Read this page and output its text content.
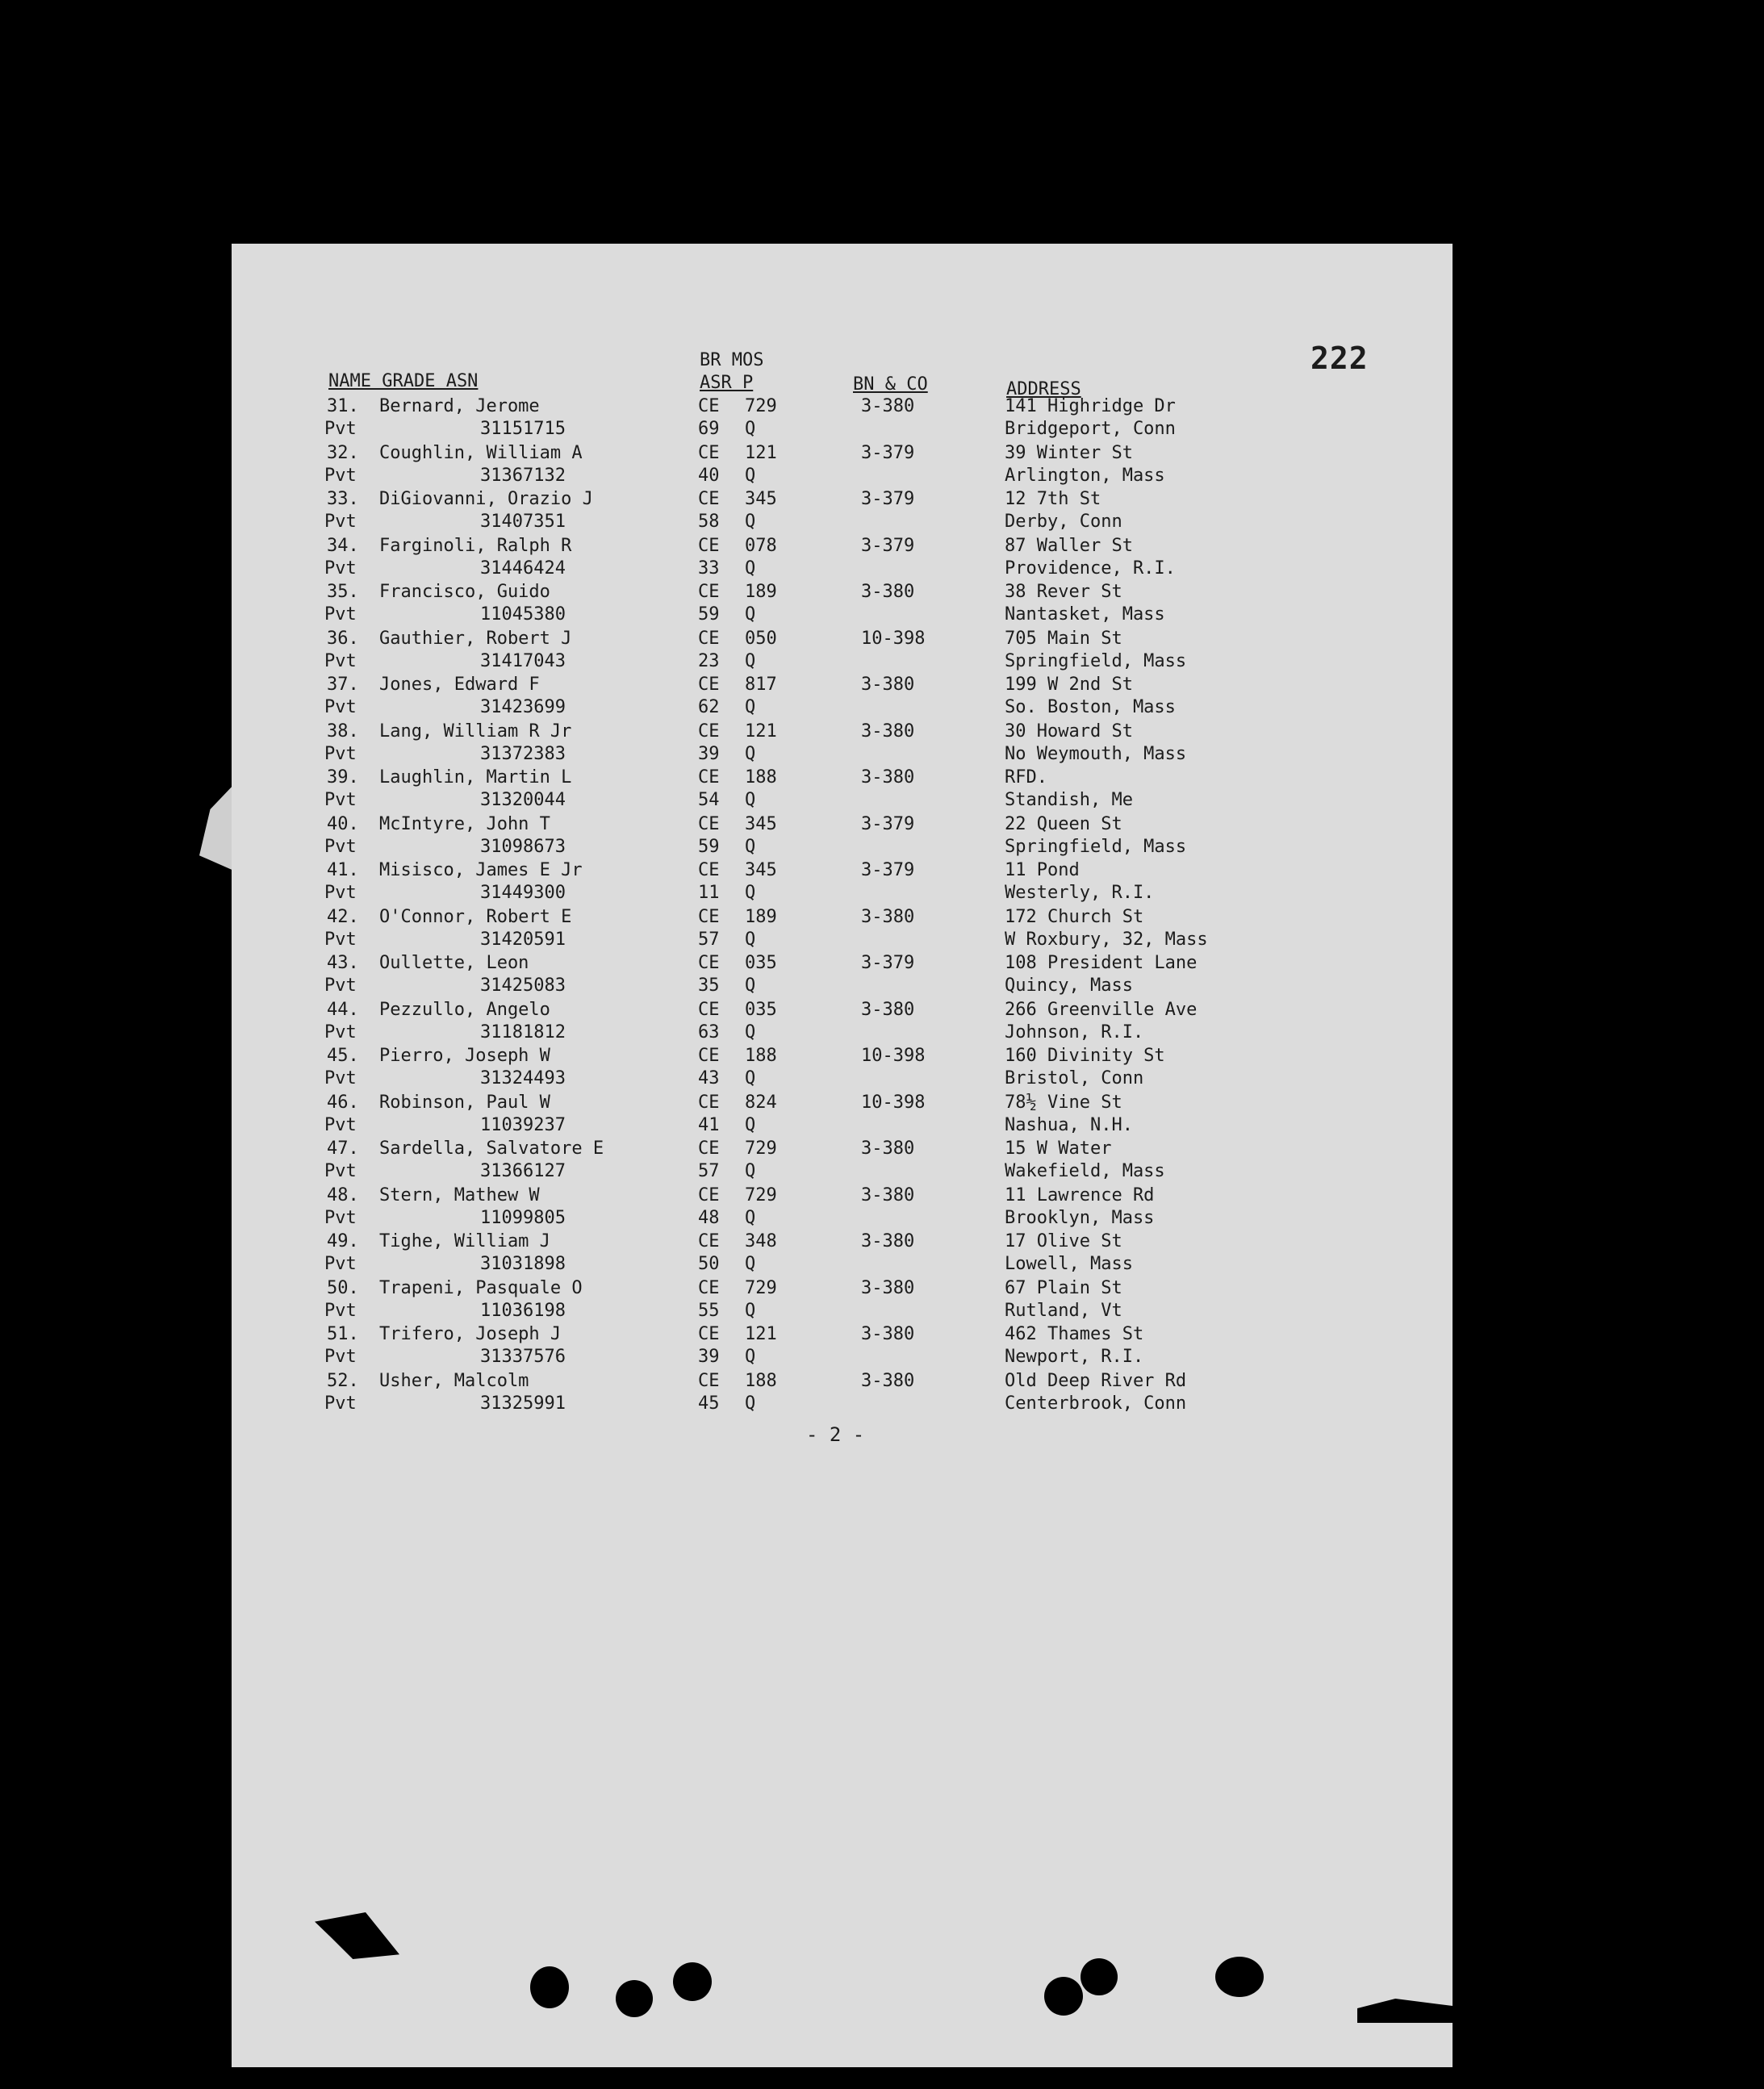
222
NAME GRADE ASN
BR MOS
ASR P	BN & CO	ADDRESS
31. Bernard, Jerome	CE 729	3-380	141 Highridge Dr
Pvt	31151715	69 Q	Bridgeport, Conn
32. Coughlin, William A	CE 121	3-379	39 Winter St
Pvt	31367132	40 Q	Arlington, Mass
33. DiGiovanni, Orazio J	CE 345	3-379	12 7th St
Pvt	31407351	58 Q	Derby, Conn
34. Farginoli, Ralph R	CE 078	3-379	87 Waller St
Pvt	31446424	33 Q	Providence, R.I.
35. Francisco, Guido	CE 189	3-380	38 Rever St
Pvt	11045380	59 Q	Nantasket, Mass
36. Gauthier, Robert J	CE 050	10-398	705 Main St
Pvt	31417043	23 Q	Springfield, Mass
37. Jones, Edward F	CE 817	3-380	199 W 2nd St
Pvt	31423699	62 Q	So. Boston, Mass
38. Lang, William R Jr	CE 121	3-380	30 Howard St
Pvt	31372383	39 Q	No Weymouth, Mass
39. Laughlin, Martin L	CE 188	3-380	RFD.
Pvt	31320044	54 Q	Standish, Me
40. McIntyre, John T	CE 345	3-379	22 Queen St
Pvt	31098673	59 Q	Springfield, Mass
41. Misisco, James E Jr	CE 345	3-379	11 Pond
Pvt	31449300	11 Q	Westerly, R.I.
42. O'Connor, Robert E	CE 189	3-380	172 Church St
Pvt	31420591	57 Q	W Roxbury, 32, Mass
43. Oullette, Leon	CE 035	3-379	108 President Lane
Pvt	31425083	35 Q	Quincy, Mass
44. Pezzullo, Angelo	CE 035	3-380	266 Greenville Ave
Pvt	31181812	63 Q	Johnson, R.I.
45. Pierro, Joseph W	CE 188	10-398	160 Divinity St
Pvt	31324493	43 Q	Bristol, Conn
46. Robinson, Paul W	CE 824	10-398	78½ Vine St
Pvt	11039237	41 Q	Nashua, N.H.
47. Sardella, Salvatore E	CE 729	3-380	15 W Water
Pvt	31366127	57 Q	Wakefield, Mass
48. Stern, Mathew W	CE 729	3-380	11 Lawrence Rd
Pvt	11099805	48 Q	Brooklyn, Mass
49. Tighe, William J	CE 348	3-380	17 Olive St
Pvt	31031898	50 Q	Lowell, Mass
50. Trapeni, Pasquale O	CE 729	3-380	67 Plain St
Pvt	11036198	55 Q	Rutland, Vt
51. Trifero, Joseph J	CE 121	3-380	462 Thames St
Pvt	31337576	39 Q	Newport, R.I.
52. Usher, Malcolm	CE 188	3-380	Old Deep River Rd
Pvt	31325991	45 Q	Centerbrook, Conn
- 2 -
